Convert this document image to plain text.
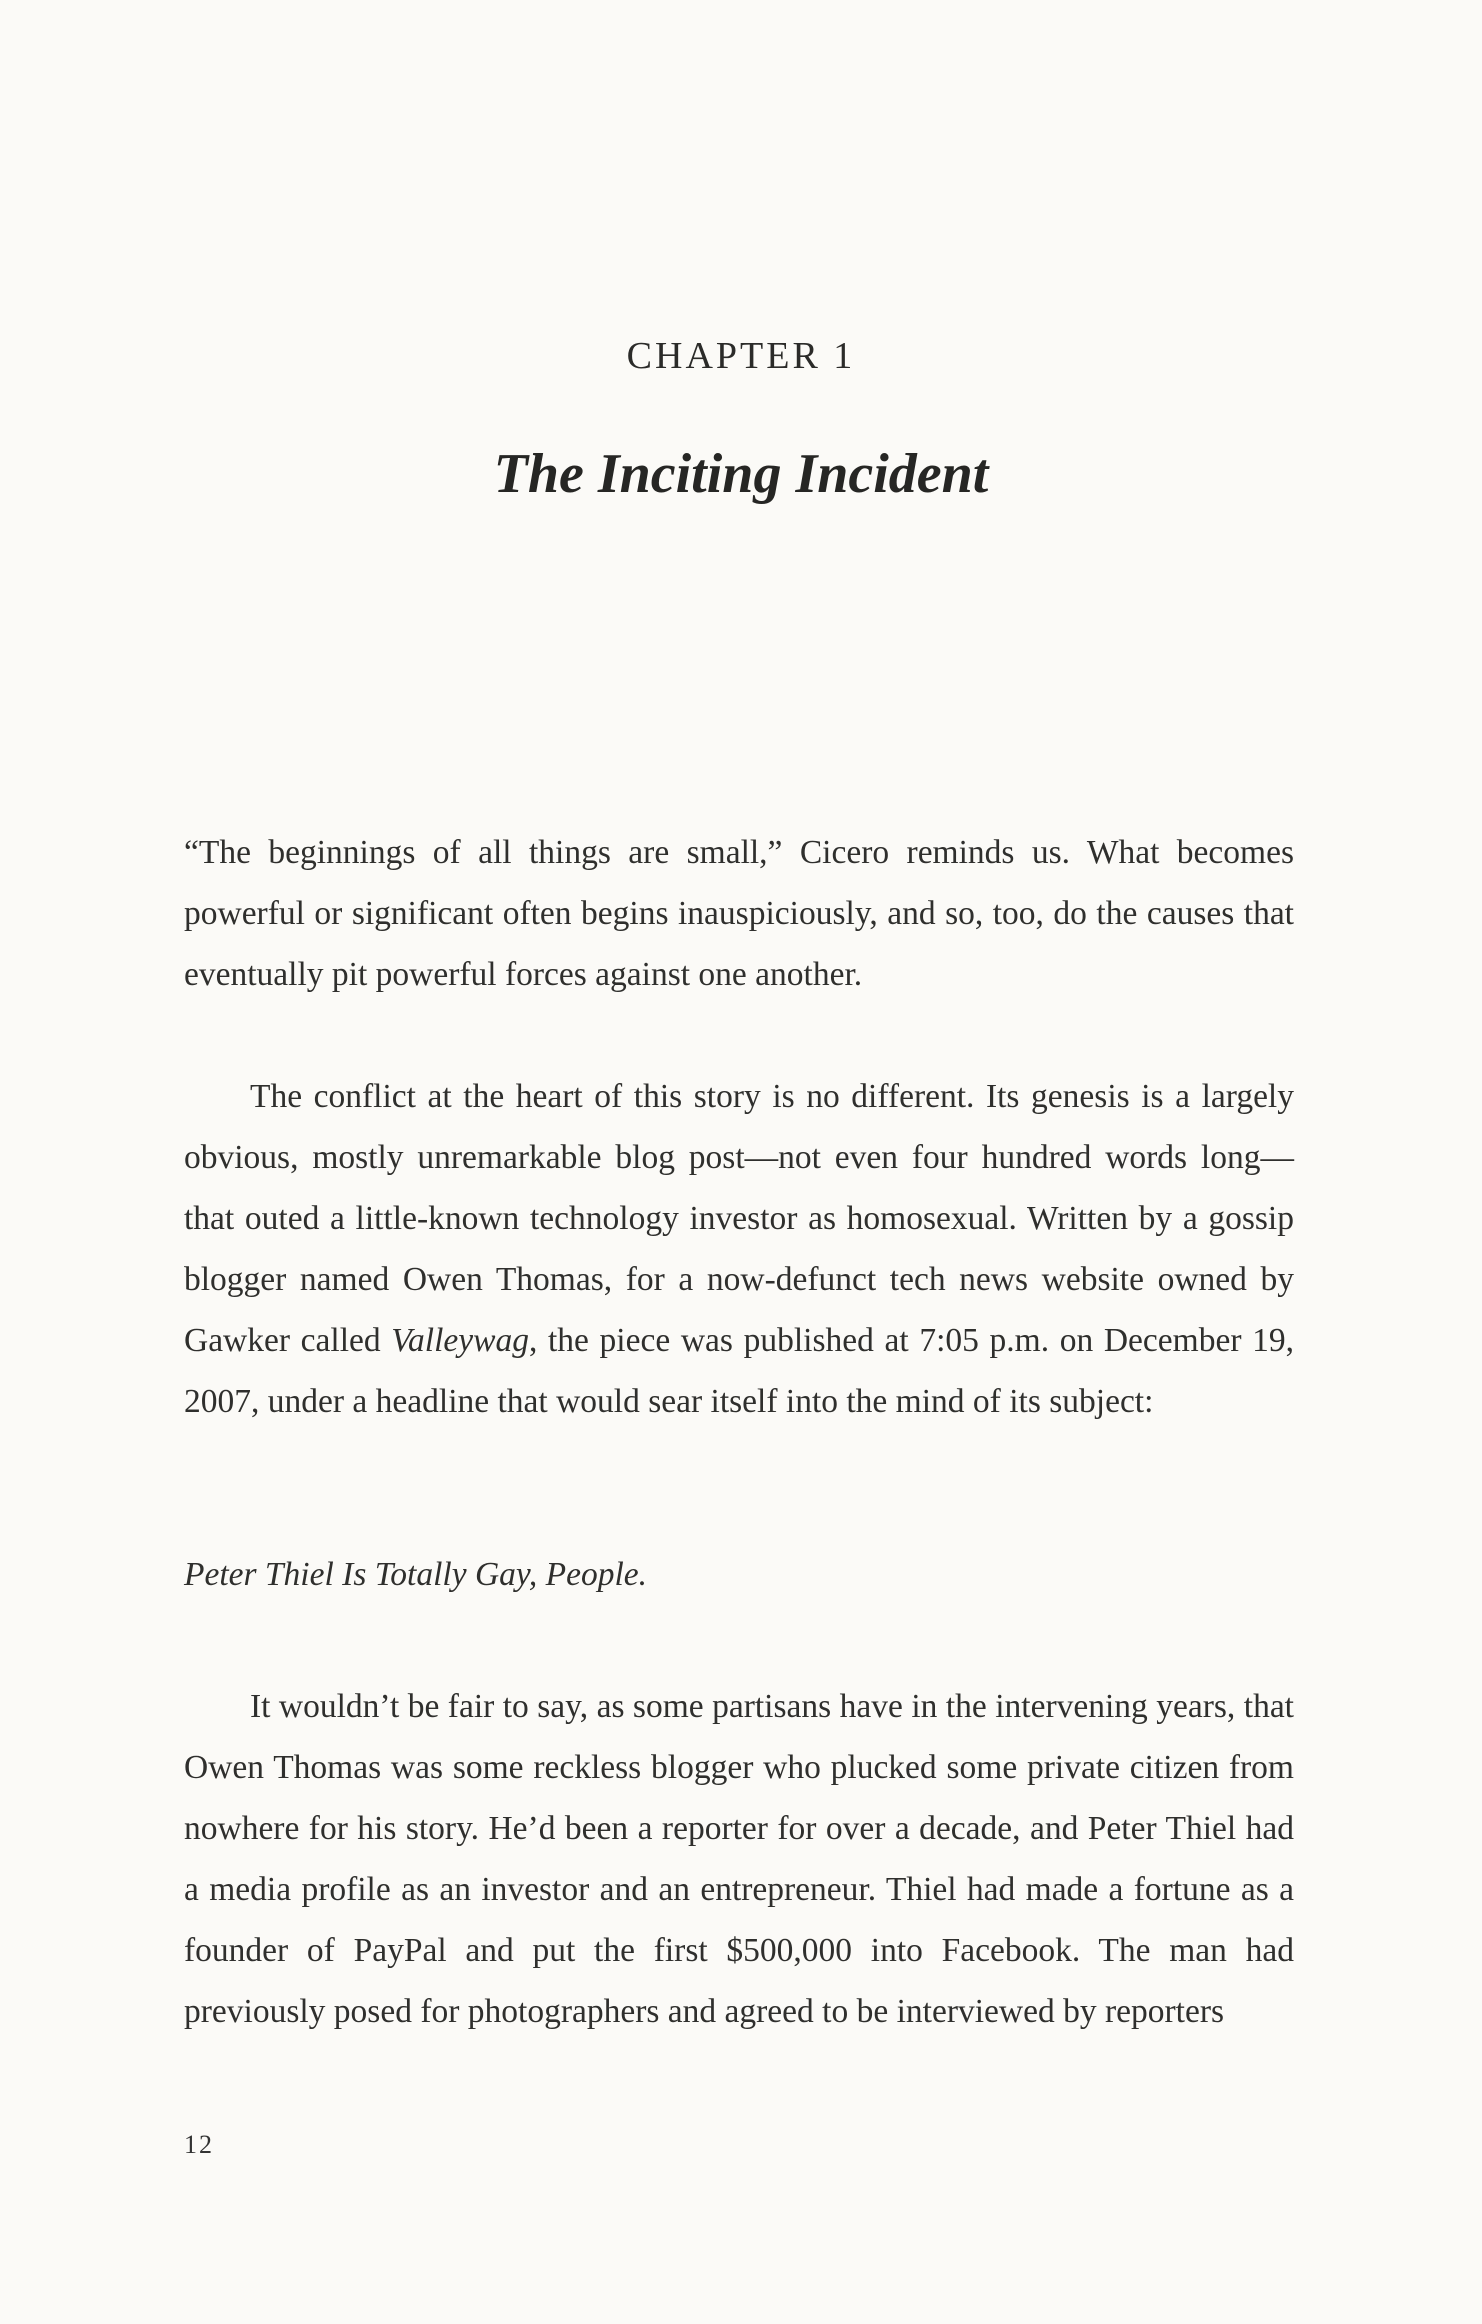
CHAPTER 1
The Inciting Incident

“The beginnings of all things are small,” Cicero reminds us. What becomes powerful or significant often begins inauspiciously, and so, too, do the causes that eventually pit powerful forces against one another.

The conflict at the heart of this story is no different. Its genesis is a largely obvious, mostly unremarkable blog post—not even four hundred words long—that outed a little-known technology investor as homosexual. Written by a gossip blogger named Owen Thomas, for a now-defunct tech news website owned by Gawker called Valleywag, the piece was published at 7:05 p.m. on December 19, 2007, under a headline that would sear itself into the mind of its subject:

Peter Thiel Is Totally Gay, People.

It wouldn’t be fair to say, as some partisans have in the intervening years, that Owen Thomas was some reckless blogger who plucked some private citizen from nowhere for his story. He’d been a reporter for over a decade, and Peter Thiel had a media profile as an investor and an entrepreneur. Thiel had made a fortune as a founder of PayPal and put the first $500,000 into Facebook. The man had previously posed for photographers and agreed to be interviewed by reporters

12
